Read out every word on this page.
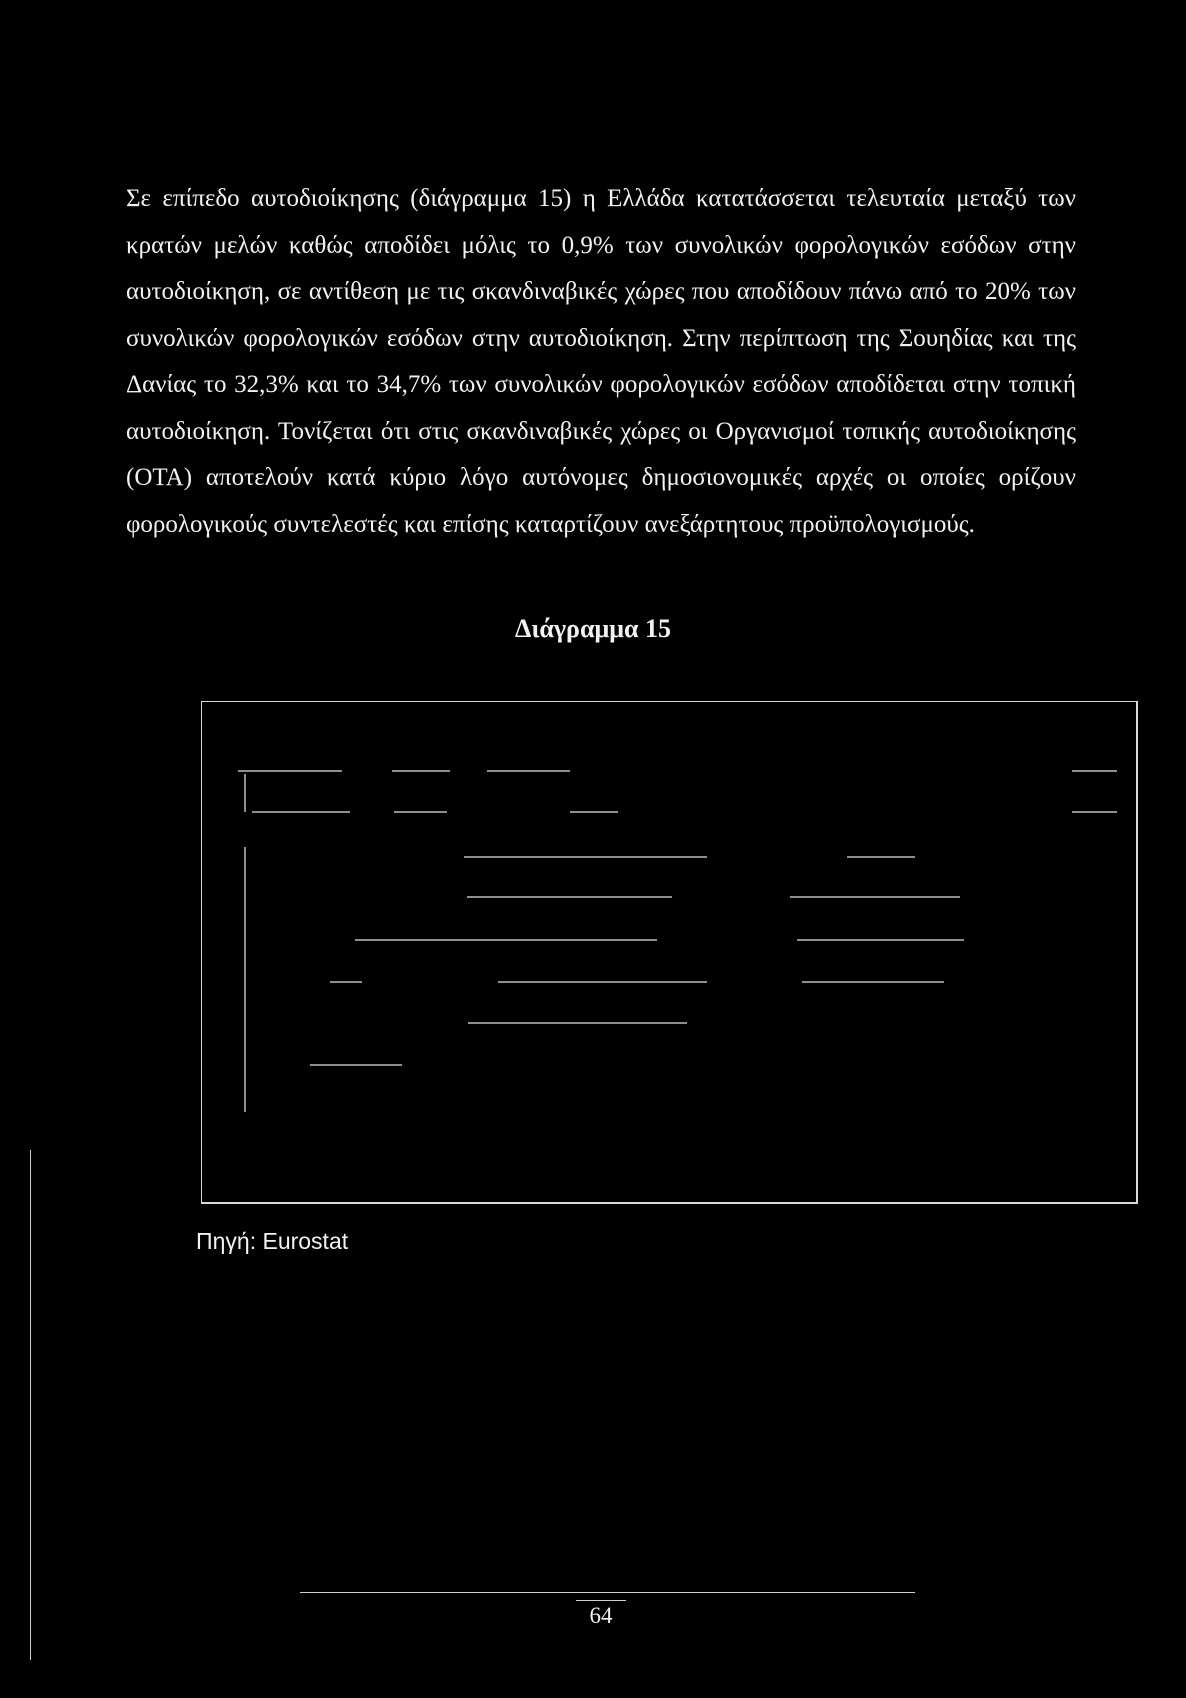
Σε επίπεδο αυτοδιοίκησης (διάγραμμα 15) η Ελλάδα κατατάσσεται τελευταία μεταξύ των κρατών μελών καθώς αποδίδει μόλις το 0,9% των συνολικών φορολογικών εσόδων στην αυτοδιοίκηση, σε αντίθεση με τις σκανδιναβικές χώρες που αποδίδουν πάνω από το 20% των συνολικών φορολογικών εσόδων στην αυτοδιοίκηση. Στην περίπτωση της Σουηδίας και της Δανίας το 32,3% και το 34,7% των συνολικών φορολογικών εσόδων αποδίδεται στην τοπική αυτοδιοίκηση. Τονίζεται ότι στις σκανδιναβικές χώρες οι Οργανισμοί τοπικής αυτοδιοίκησης (ΟΤΑ) αποτελούν κατά κύριο λόγο αυτόνομες δημοσιονομικές αρχές οι οποίες ορίζουν φορολογικούς συντελεστές και επίσης καταρτίζουν ανεξάρτητους προϋπολογισμούς.

Διάγραμμα 15

Πηγή: Eurostat

64
